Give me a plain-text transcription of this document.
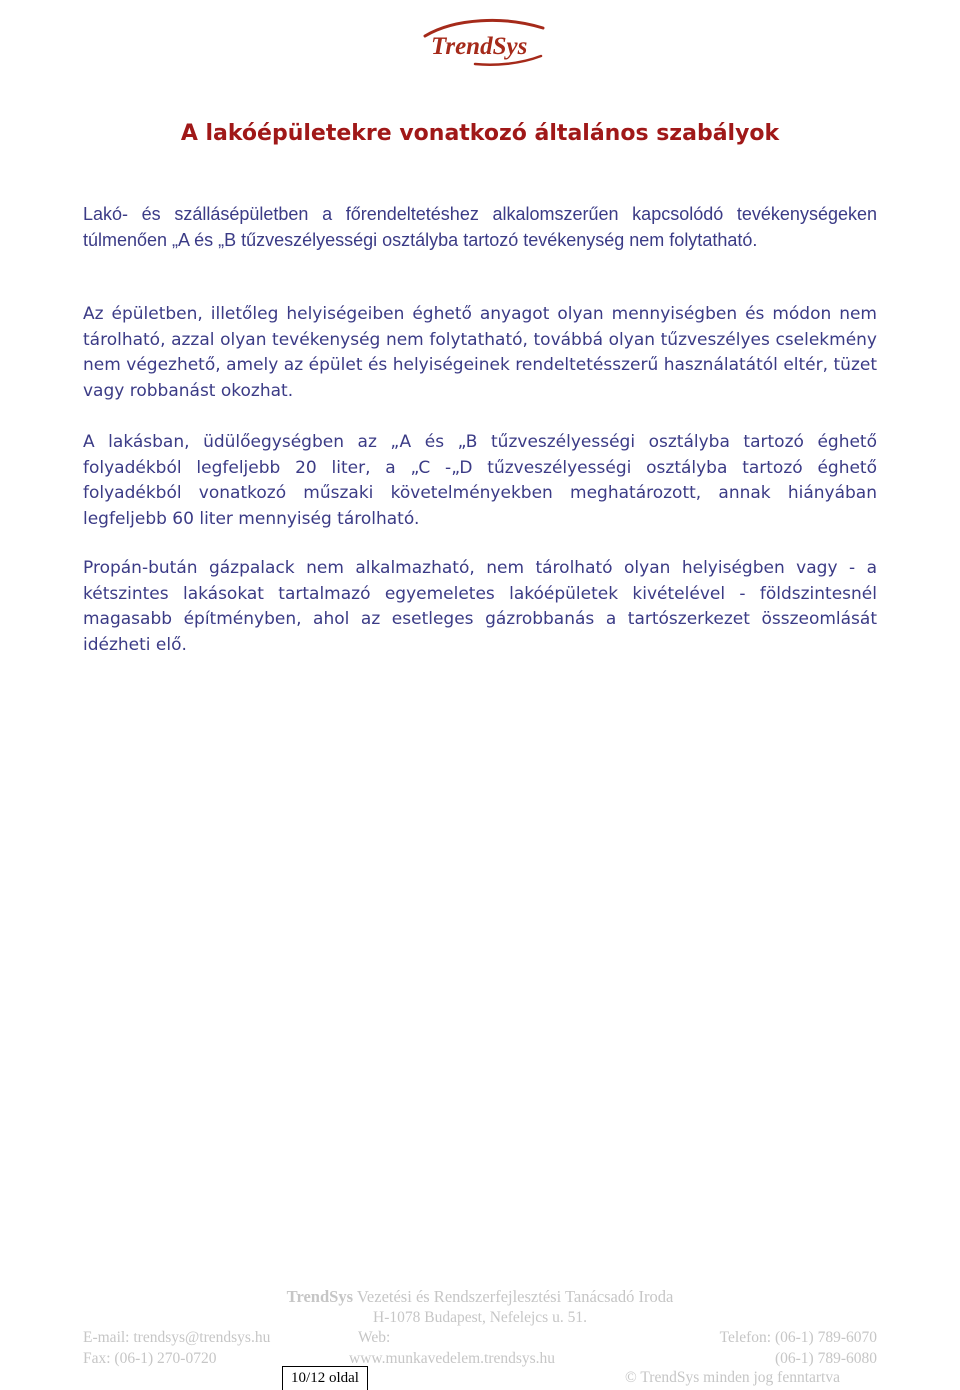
TrendSys
A lakóépületekre vonatkozó általános szabályok

Lakó- és szállásépületben a főrendeltetéshez alkalomszerűen kapcsolódó tevékenységeken túlmenően „A és „B tűzveszélyességi osztályba tartozó tevékenység nem folytatható.

Az épületben, illetőleg helyiségeiben éghető anyagot olyan mennyiségben és módon nem tárolható, azzal olyan tevékenység nem folytatható, továbbá olyan tűzveszélyes cselekmény nem végezhető, amely az épület és helyiségeinek rendeltetésszerű használatától eltér, tüzet vagy robbanást okozhat.

A lakásban, üdülőegységben az „A és „B tűzveszélyességi osztályba tartozó éghető folyadékból legfeljebb 20 liter, a „C -„D tűzveszélyességi osztályba tartozó éghető folyadékból vonatkozó műszaki követelményekben meghatározott, annak hiányában legfeljebb 60 liter mennyiség tárolható.

Propán-bután gázpalack nem alkalmazható, nem tárolható olyan helyiségben vagy - a kétszintes lakásokat tartalmazó egyemeletes lakóépületek kivételével - földszintesnél magasabb építményben, ahol az esetleges gázrobbanás a tartószerkezet összeomlását idézheti elő.

TrendSys Vezetési és Rendszerfejlesztési Tanácsadó Iroda
H-1078 Budapest, Nefelejcs u. 51.
E-mail: trendsys@trendsys.hu	Web:	Telefon: (06-1) 789-6070
Fax: (06-1) 270-0720	www.munkavedelem.trendsys.hu	(06-1) 789-6080
© TrendSys minden jog fenntartva
10/12 oldal
